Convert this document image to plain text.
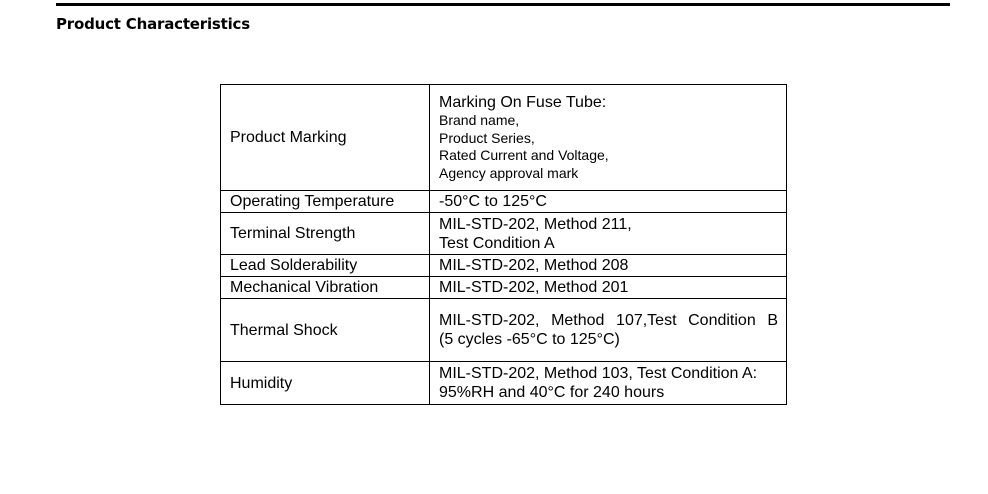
Product Characteristics
Product Marking	Marking On Fuse Tube:
Brand name,
Product Series,
Rated Current and Voltage,
Agency approval mark

Operating Temperature	-50°C to 125°C

Terminal Strength	MIL-STD-202, Method 211,
Test Condition A

Lead Solderability	MIL-STD-202, Method 208

Mechanical Vibration	MIL-STD-202, Method 201

Thermal Shock	MIL-STD-202, Method 107,Test Condition B
(5 cycles -65°C to 125°C)

Humidity	MIL-STD-202, Method 103, Test Condition A:
95%RH and 40°C for 240 hours
